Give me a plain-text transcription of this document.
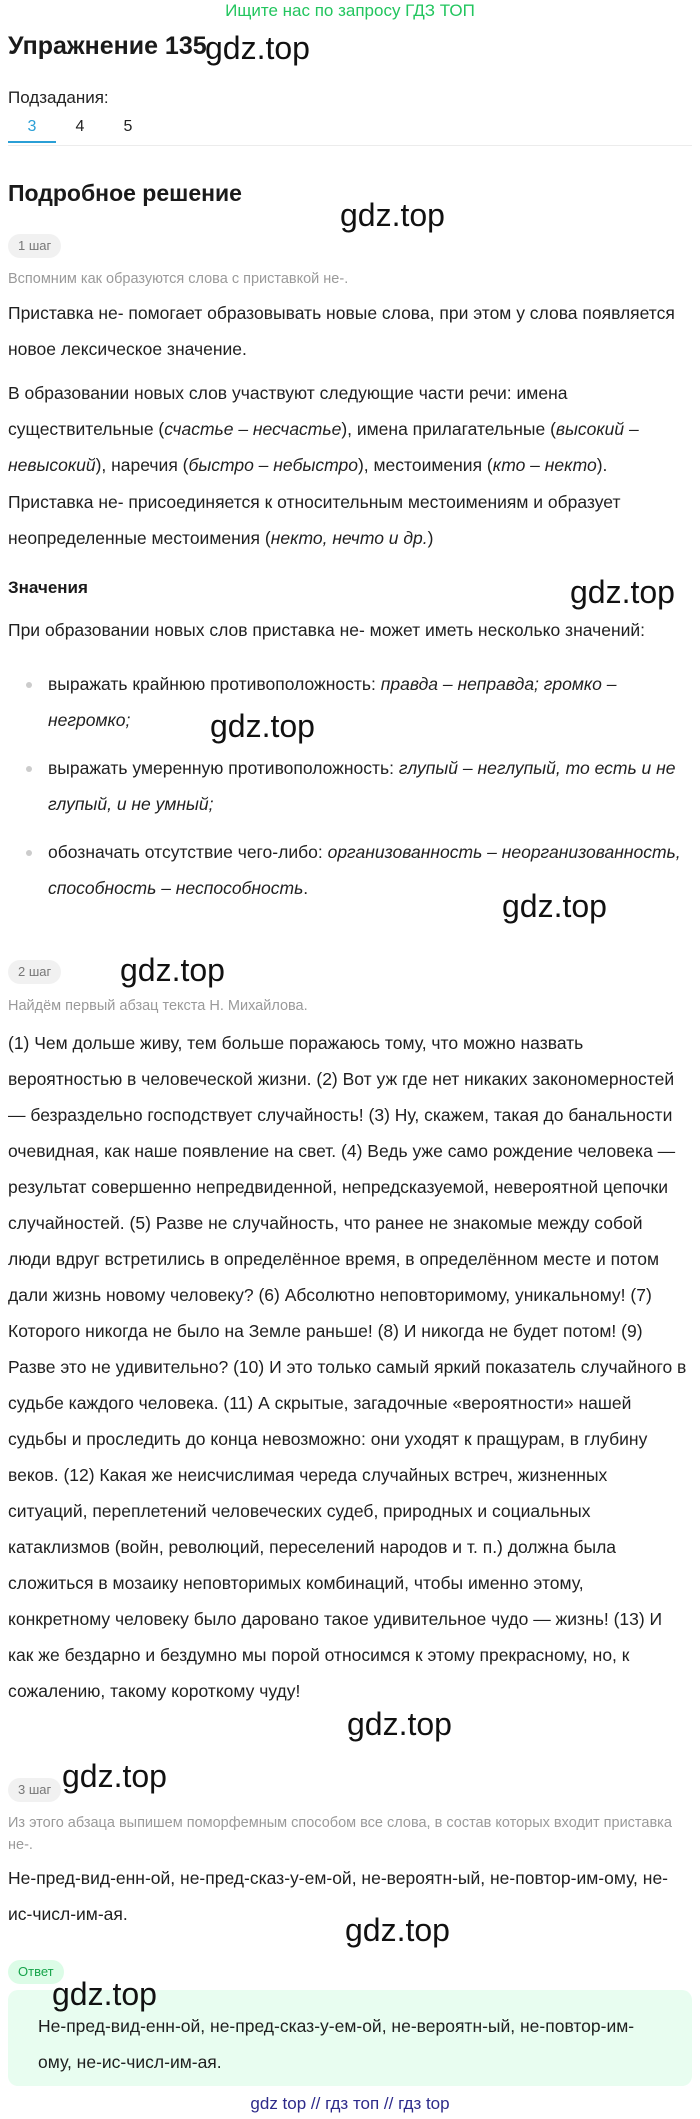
Ищите нас по запросу ГДЗ ТОП
Упражнение 135
gdz.top
Подзадания:
3	4	5
Подробное решение
gdz.top
1 шаг
Вспомним как образуются слова с приставкой не-.

Приставка не- помогает образовывать новые слова, при этом у слова появляется новое лексическое значение.

В образовании новых слов участвуют следующие части речи: имена существительные (счастье – несчастье), имена прилагательные (высокий – невысокий), наречия (быстро – небыстро), местоимения (кто – некто).

Приставка не- присоединяется к относительным местоимениям и образует неопределенные местоимения (некто, нечто и др.)

Значения	gdz.top

При образовании новых слов приставка не- может иметь несколько значений:

выражать крайнюю противоположность: правда – неправда; громко – негромко;
выражать умеренную противоположность: глупый – неглупый, то есть и не глупый, и не умный;
обозначать отсутствие чего-либо: организованность – неорганизованность, способность – неспособность.
gdz.top
gdz.top
2 шаг	gdz.top
Найдём первый абзац текста Н. Михайлова.

(1) Чем дольше живу, тем больше поражаюсь тому, что можно назвать вероятностью в человеческой жизни. (2) Вот уж где нет никаких закономерностей — безраздельно господствует случайность! (3) Ну, скажем, такая до банальности очевидная, как наше появление на свет. (4) Ведь уже само рождение человека — результат совершенно непредвиденной, непредсказуемой, невероятной цепочки случайностей. (5) Разве не случайность, что ранее не знакомые между собой люди вдруг встретились в определённое время, в определённом месте и потом дали жизнь новому человеку? (6) Абсолютно неповторимому, уникальному! (7) Которого никогда не было на Земле раньше! (8) И никогда не будет потом! (9) Разве это не удивительно? (10) И это только самый яркий показатель случайного в судьбе каждого человека. (11) А скрытые, загадочные «вероятности» нашей судьбы и проследить до конца невозможно: они уходят к пращурам, в глубину веков. (12) Какая же неисчислимая череда случайных встреч, жизненных ситуаций, переплетений человеческих судеб, природных и социальных катаклизмов (войн, революций, переселений народов и т. п.) должна была сложиться в мозаику неповторимых комбинаций, чтобы именно этому, конкретному человеку было даровано такое удивительное чудо — жизнь! (13) И как же бездарно и бездумно мы порой относимся к этому прекрасному, но, к сожалению, такому короткому чуду!

gdz.top
3 шаг gdz.top
Из этого абзаца выпишем поморфемным способом все слова, в состав которых входит приставка не-.

Не-пред-вид-енн-ой, не-пред-сказ-у-ем-ой, не-вероятн-ый, не-повтор-им-ому, не-ис-числ-им-ая.	gdz.top
Ответ
Не-пред-вид-енн-ой, не-пред-сказ-у-ем-ой, не-вероятн-ый, не-повтор-им-ому, не-ис-числ-им-ая.
gdz.top
gdz top // гдз топ // гдз top
